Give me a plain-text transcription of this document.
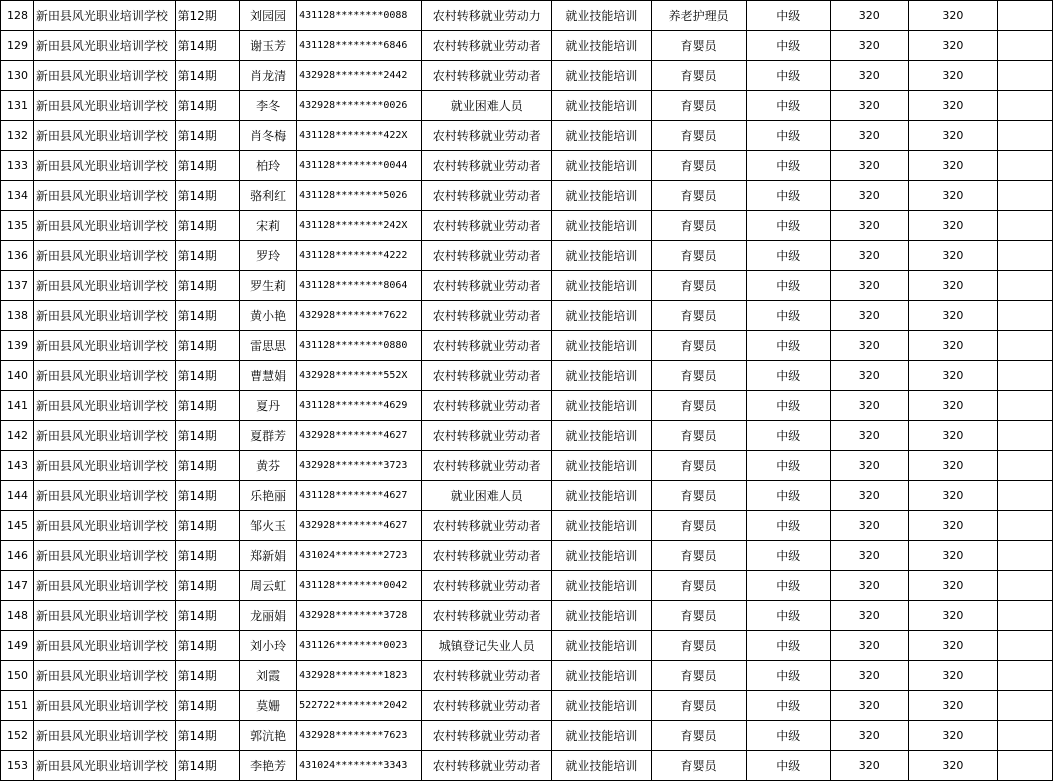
128	新田县风光职业培训学校	第12期	刘园园	431128********0088	农村转移就业劳动力	就业技能培训	养老护理员	中级	320	320	
129	新田县风光职业培训学校	第14期	谢玉芳	431128********6846	农村转移就业劳动者	就业技能培训	育婴员	中级	320	320	
130	新田县风光职业培训学校	第14期	肖龙清	432928********2442	农村转移就业劳动者	就业技能培训	育婴员	中级	320	320	
131	新田县风光职业培训学校	第14期	李冬	432928********0026	就业困难人员	就业技能培训	育婴员	中级	320	320	
132	新田县风光职业培训学校	第14期	肖冬梅	431128********422X	农村转移就业劳动者	就业技能培训	育婴员	中级	320	320	
133	新田县风光职业培训学校	第14期	柏玲	431128********0044	农村转移就业劳动者	就业技能培训	育婴员	中级	320	320	
134	新田县风光职业培训学校	第14期	骆利红	431128********5026	农村转移就业劳动者	就业技能培训	育婴员	中级	320	320	
135	新田县风光职业培训学校	第14期	宋莉	431128********242X	农村转移就业劳动者	就业技能培训	育婴员	中级	320	320	
136	新田县风光职业培训学校	第14期	罗玲	431128********4222	农村转移就业劳动者	就业技能培训	育婴员	中级	320	320	
137	新田县风光职业培训学校	第14期	罗生莉	431128********8064	农村转移就业劳动者	就业技能培训	育婴员	中级	320	320	
138	新田县风光职业培训学校	第14期	黄小艳	432928********7622	农村转移就业劳动者	就业技能培训	育婴员	中级	320	320	
139	新田县风光职业培训学校	第14期	雷思思	431128********0880	农村转移就业劳动者	就业技能培训	育婴员	中级	320	320	
140	新田县风光职业培训学校	第14期	曹慧娟	432928********552X	农村转移就业劳动者	就业技能培训	育婴员	中级	320	320	
141	新田县风光职业培训学校	第14期	夏丹	431128********4629	农村转移就业劳动者	就业技能培训	育婴员	中级	320	320	
142	新田县风光职业培训学校	第14期	夏群芳	432928********4627	农村转移就业劳动者	就业技能培训	育婴员	中级	320	320	
143	新田县风光职业培训学校	第14期	黄芬	432928********3723	农村转移就业劳动者	就业技能培训	育婴员	中级	320	320	
144	新田县风光职业培训学校	第14期	乐艳丽	431128********4627	就业困难人员	就业技能培训	育婴员	中级	320	320	
145	新田县风光职业培训学校	第14期	邹火玉	432928********4627	农村转移就业劳动者	就业技能培训	育婴员	中级	320	320	
146	新田县风光职业培训学校	第14期	郑新娟	431024********2723	农村转移就业劳动者	就业技能培训	育婴员	中级	320	320	
147	新田县风光职业培训学校	第14期	周云虹	431128********0042	农村转移就业劳动者	就业技能培训	育婴员	中级	320	320	
148	新田县风光职业培训学校	第14期	龙丽娟	432928********3728	农村转移就业劳动者	就业技能培训	育婴员	中级	320	320	
149	新田县风光职业培训学校	第14期	刘小玲	431126********0023	城镇登记失业人员	就业技能培训	育婴员	中级	320	320	
150	新田县风光职业培训学校	第14期	刘霞	432928********1823	农村转移就业劳动者	就业技能培训	育婴员	中级	320	320	
151	新田县风光职业培训学校	第14期	莫姗	522722********2042	农村转移就业劳动者	就业技能培训	育婴员	中级	320	320	
152	新田县风光职业培训学校	第14期	郭沆艳	432928********7623	农村转移就业劳动者	就业技能培训	育婴员	中级	320	320	
153	新田县风光职业培训学校	第14期	李艳芳	431024********3343	农村转移就业劳动者	就业技能培训	育婴员	中级	320	320	
